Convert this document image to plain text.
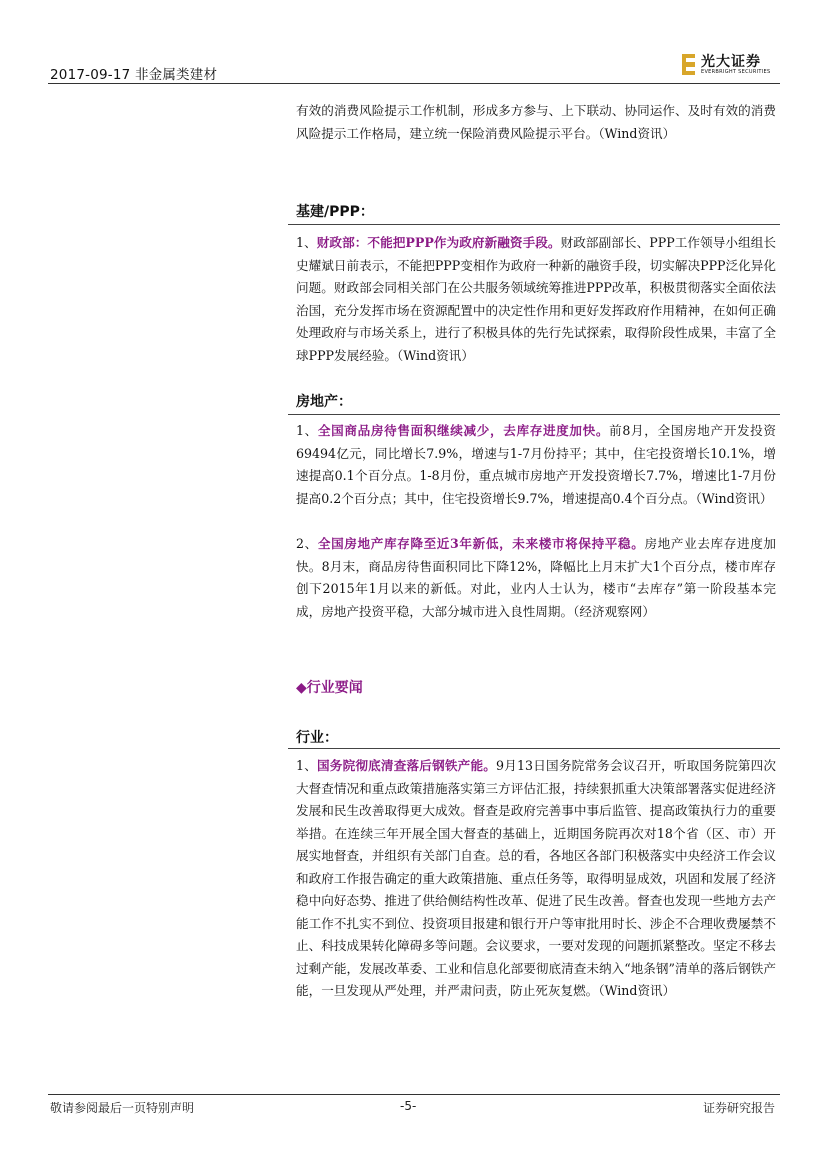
2017-09-17 非金属类建材
光大证券
EVERBRIGHT SECURITIES
有效的消费风险提示工作机制，形成多方参与、上下联动、协同运作、及时有效的消费风险提示工作格局，建立统一保险消费风险提示平台。（Wind资讯）
基建/PPP：
1、财政部：不能把PPP作为政府新融资手段。财政部副部长、PPP工作领导小组组长史耀斌日前表示，不能把PPP变相作为政府一种新的融资手段，切实解决PPP泛化异化问题。财政部会同相关部门在公共服务领域统筹推进PPP改革，积极贯彻落实全面依法治国，充分发挥市场在资源配置中的决定性作用和更好发挥政府作用精神，在如何正确处理政府与市场关系上，进行了积极具体的先行先试探索，取得阶段性成果，丰富了全球PPP发展经验。（Wind资讯）
房地产：
1、全国商品房待售面积继续减少，去库存进度加快。前8月，全国房地产开发投资69494亿元，同比增长7.9%，增速与1-7月份持平；其中，住宅投资增长10.1%，增速提高0.1个百分点。1-8月份，重点城市房地产开发投资增长7.7%，增速比1-7月份提高0.2个百分点；其中，住宅投资增长9.7%，增速提高0.4个百分点。（Wind资讯）
2、全国房地产库存降至近3年新低，未来楼市将保持平稳。房地产业去库存进度加快。8月末，商品房待售面积同比下降12%，降幅比上月末扩大1个百分点，楼市库存创下2015年1月以来的新低。对此，业内人士认为，楼市“去库存”第一阶段基本完成，房地产投资平稳，大部分城市进入良性周期。（经济观察网）
◆行业要闻
行业：
1、国务院彻底清查落后钢铁产能。9月13日国务院常务会议召开，听取国务院第四次大督查情况和重点政策措施落实第三方评估汇报，持续狠抓重大决策部署落实促进经济发展和民生改善取得更大成效。督查是政府完善事中事后监管、提高政策执行力的重要举措。在连续三年开展全国大督查的基础上，近期国务院再次对18个省（区、市）开展实地督查，并组织有关部门自查。总的看，各地区各部门积极落实中央经济工作会议和政府工作报告确定的重大政策措施、重点任务等，取得明显成效，巩固和发展了经济稳中向好态势、推进了供给侧结构性改革、促进了民生改善。督查也发现一些地方去产能工作不扎实不到位、投资项目报建和银行开户等审批用时长、涉企不合理收费屡禁不止、科技成果转化障碍多等问题。会议要求，一要对发现的问题抓紧整改。坚定不移去过剩产能，发展改革委、工业和信息化部要彻底清查未纳入“地条钢”清单的落后钢铁产能，一旦发现从严处理，并严肃问责，防止死灰复燃。（Wind资讯）
敬请参阅最后一页特别声明	-5-	证券研究报告
